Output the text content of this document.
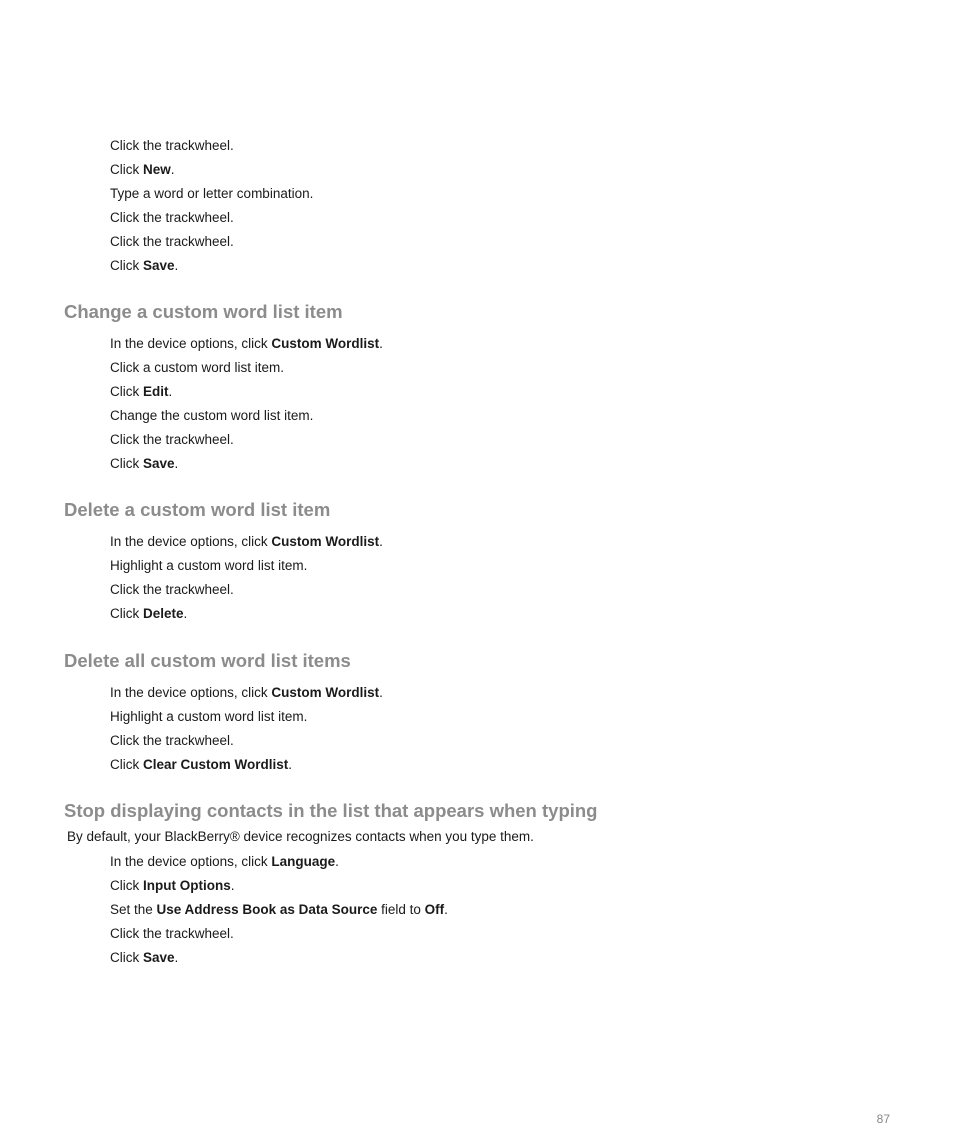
Click the trackwheel.
Click New.
Type a word or letter combination.
Click the trackwheel.
Click the trackwheel.
Click Save.
Change a custom word list item
In the device options, click Custom Wordlist.
Click a custom word list item.
Click Edit.
Change the custom word list item.
Click the trackwheel.
Click Save.
Delete a custom word list item
In the device options, click Custom Wordlist.
Highlight a custom word list item.
Click the trackwheel.
Click Delete.
Delete all custom word list items
In the device options, click Custom Wordlist.
Highlight a custom word list item.
Click the trackwheel.
Click Clear Custom Wordlist.
Stop displaying contacts in the list that appears when typing

By default, your BlackBerry® device recognizes contacts when you type them.

In the device options, click Language.
Click Input Options.
Set the Use Address Book as Data Source field to Off.
Click the trackwheel.
Click Save.
87
